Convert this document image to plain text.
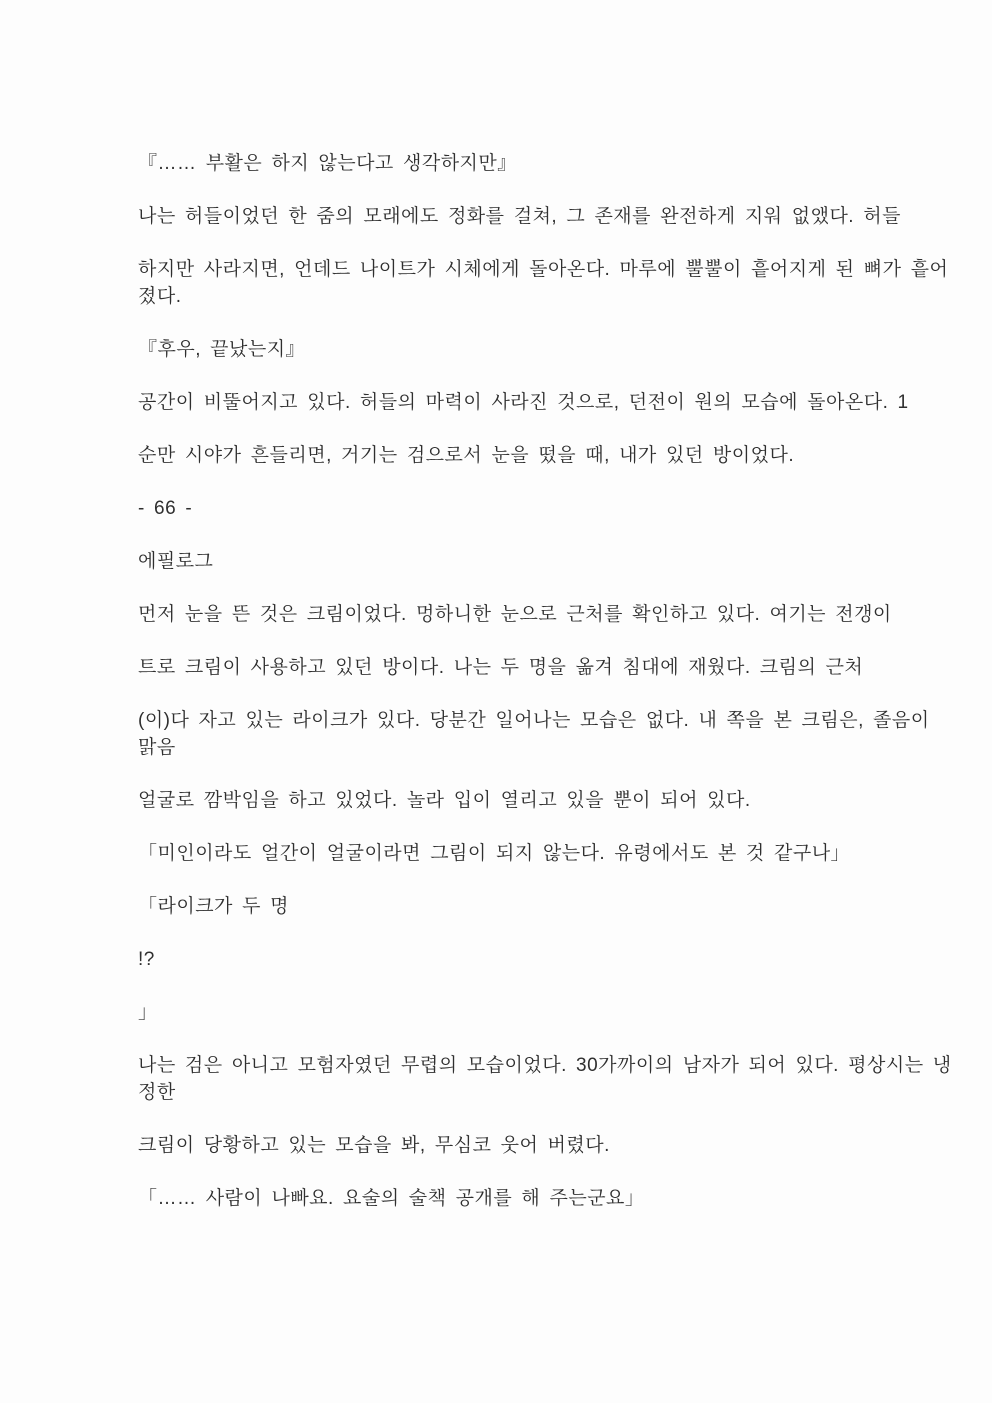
『…… 부활은 하지 않는다고 생각하지만』

나는 허들이었던 한 줌의 모래에도 정화를 걸쳐, 그 존재를 완전하게 지워 없앴다. 허들

하지만 사라지면, 언데드 나이트가 시체에게 돌아온다. 마루에 뿔뿔이 흩어지게 된 뼈가 흩어
졌다.

『후우, 끝났는지』

공간이 비뚤어지고 있다. 허들의 마력이 사라진 것으로, 던전이 원의 모습에 돌아온다. 1

순만 시야가 흔들리면, 거기는 검으로서 눈을 떴을 때, 내가 있던 방이었다.

- 66 -

에필로그

먼저 눈을 뜬 것은 크림이었다. 멍하니한 눈으로 근처를 확인하고 있다. 여기는 전갱이

트로 크림이 사용하고 있던 방이다. 나는 두 명을 옮겨 침대에 재웠다. 크림의 근처

(이)다 자고 있는 라이크가 있다. 당분간 일어나는 모습은 없다. 내 쪽을 본 크림은, 졸음이
맑음

얼굴로 깜박임을 하고 있었다. 놀라 입이 열리고 있을 뿐이 되어 있다.

「미인이라도 얼간이 얼굴이라면 그림이 되지 않는다. 유령에서도 본 것 같구나」

「라이크가 두 명

!?

」

나는 검은 아니고 모험자였던 무렵의 모습이었다. 30가까이의 남자가 되어 있다. 평상시는 냉
정한

크림이 당황하고 있는 모습을 봐, 무심코 웃어 버렸다.

「…… 사람이 나빠요. 요술의 술책 공개를 해 주는군요」
